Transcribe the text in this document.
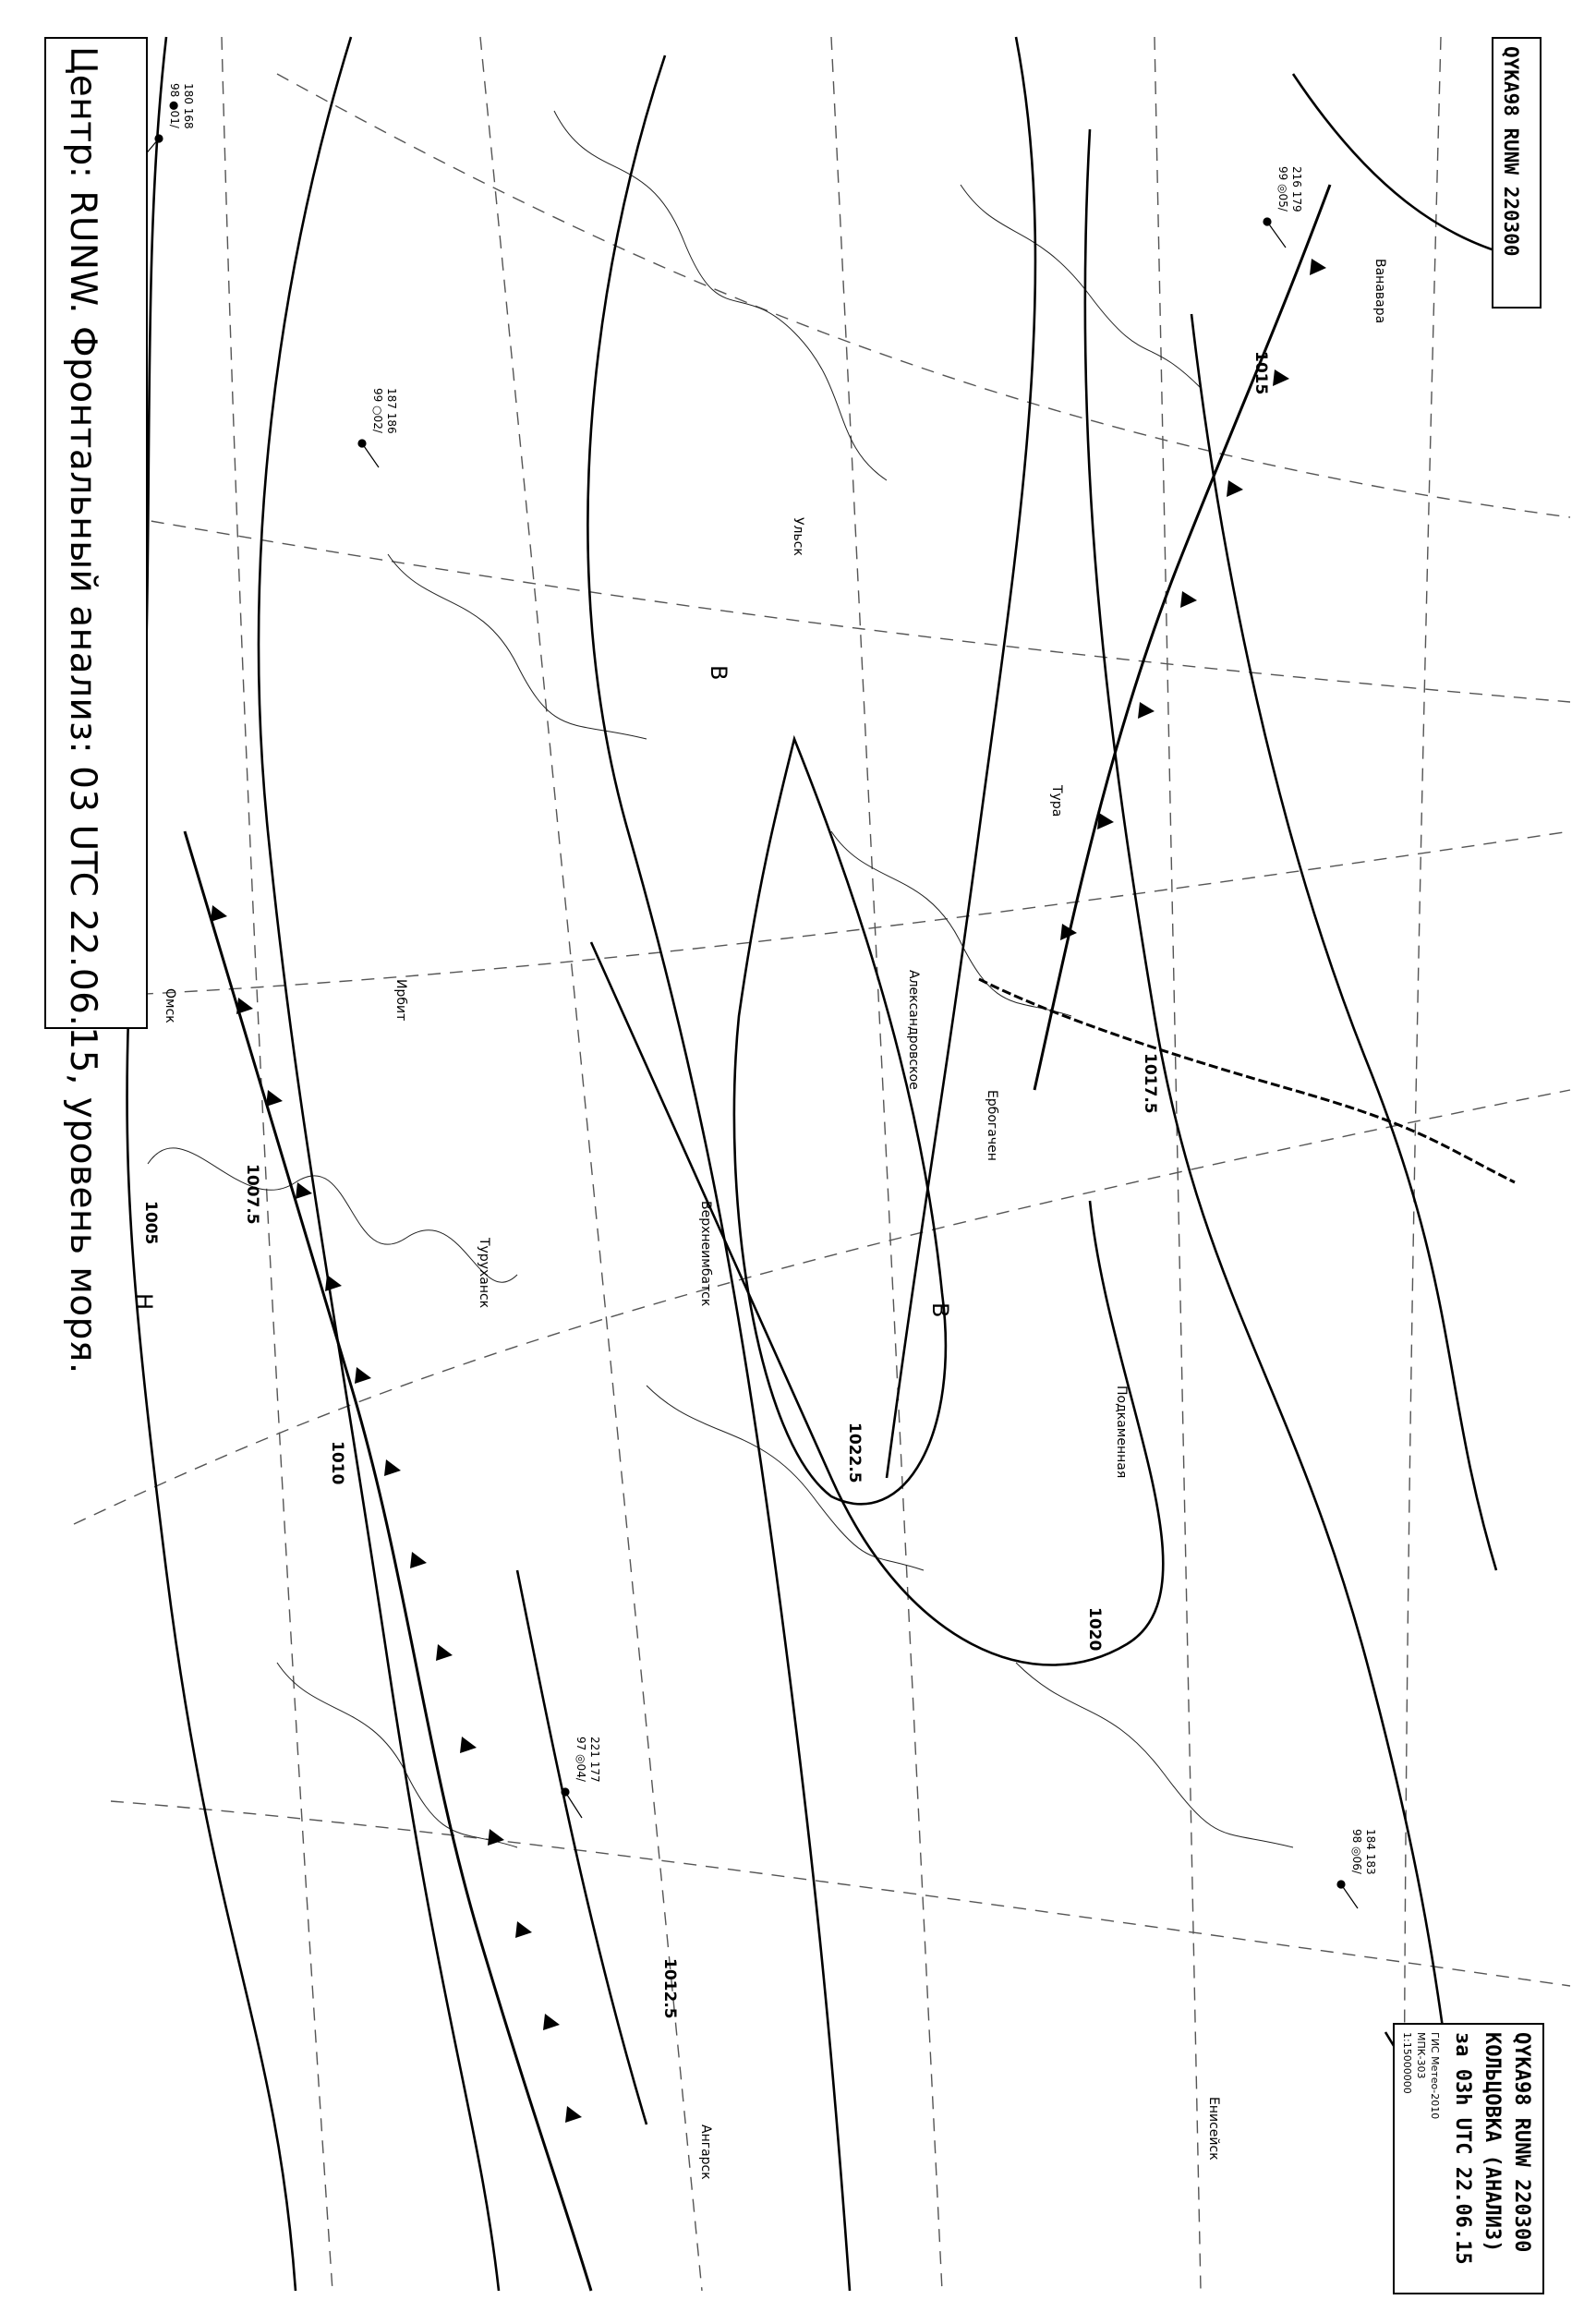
1005	1007.5
1010
1012.5
1015
1017.5
1020
1022.5
В
В
Н
Ульск
Александровское
Ванавара
Ербогачен
Тура
Туруханск
Подкаменная
Ирбит
Омск
Верхнеимбатск
Енисейск
Ангарск
216 179
99 ◎05/
180 168
98 ●01/
221 177
97 ◎04/
187 186
99 ○02/
184 183
98 ◎06/
Центр: RUNW. Фронтальный анализ: 03 UTC 22.06.15, уровень моря.	QYKA98 RUNW 220300
QYKA98 RUNW 220300
КОЛЬЦОВКА (АНАЛИЗ)
за 03h UTC 22.06.15
ГИС Метео-2010
МПК-303
1:15000000
